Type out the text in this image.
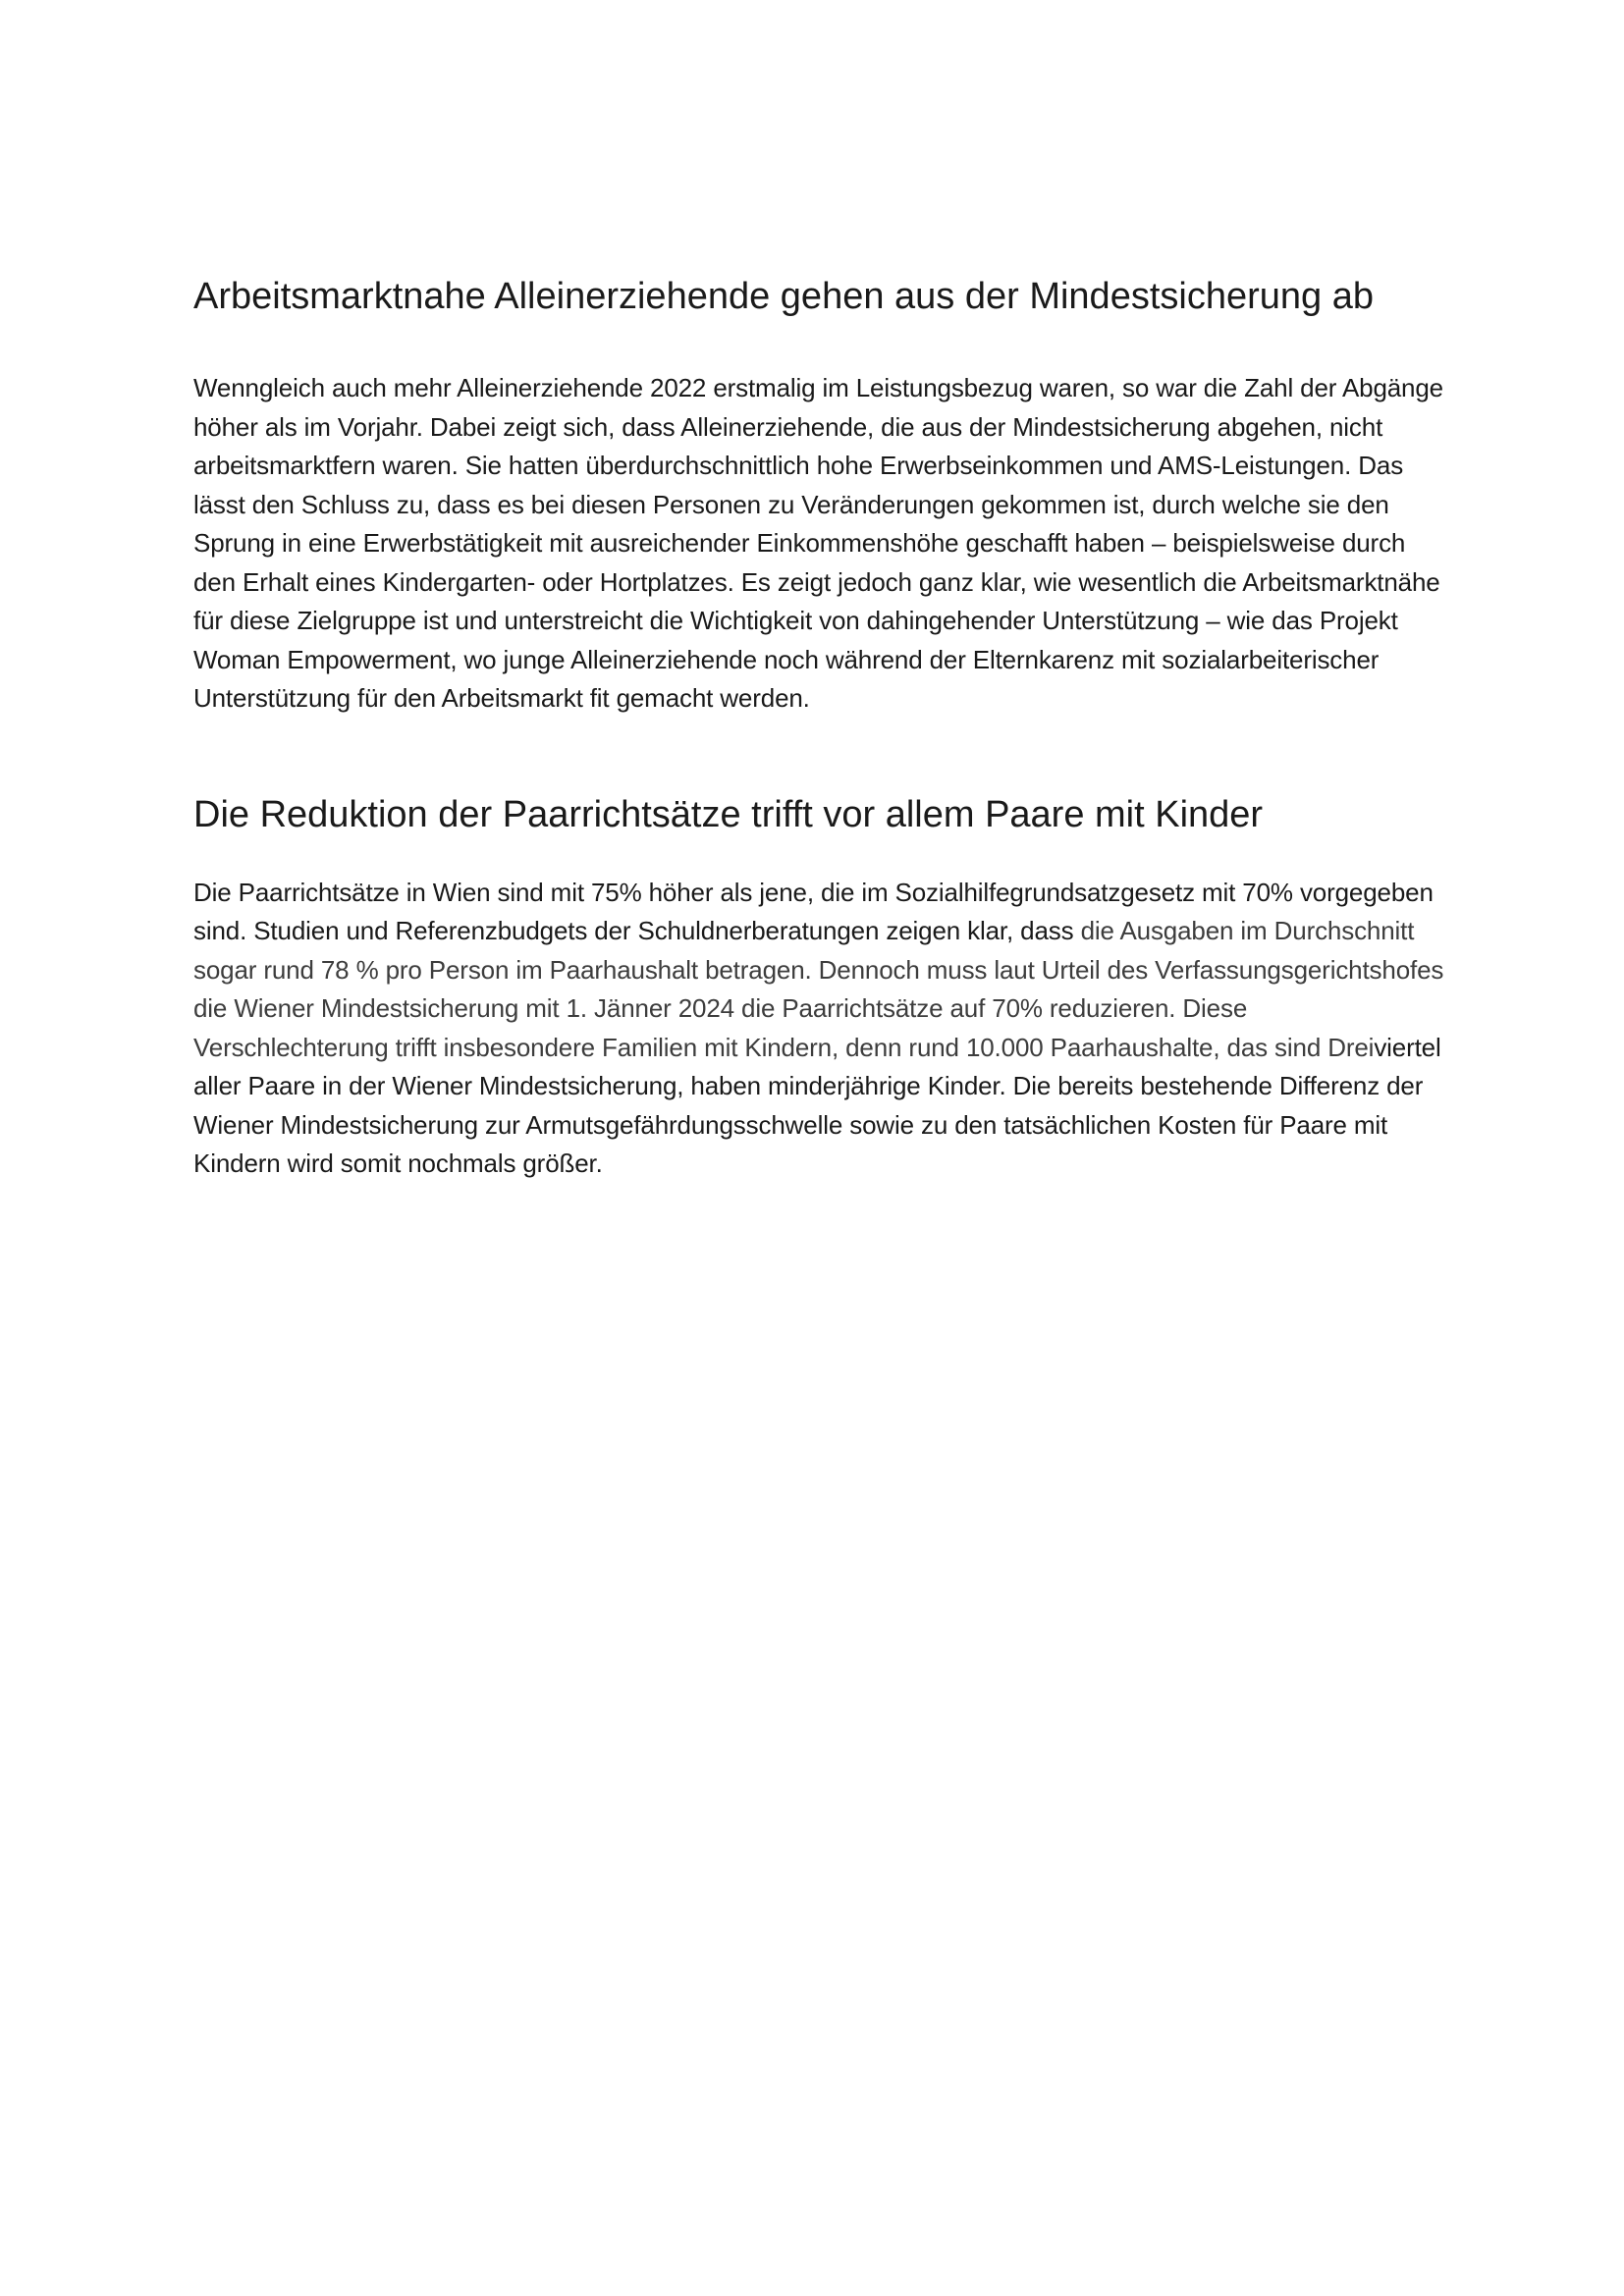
Arbeitsmarktnahe Alleinerziehende gehen aus der Mindestsicherung ab

Wenngleich auch mehr Alleinerziehende 2022 erstmalig im Leistungsbezug waren, so war die Zahl der Abgänge höher als im Vorjahr. Dabei zeigt sich, dass Alleinerziehende, die aus der Mindestsicherung abgehen, nicht arbeitsmarktfern waren. Sie hatten überdurchschnittlich hohe Erwerbseinkommen und AMS-Leistungen. Das lässt den Schluss zu, dass es bei diesen Personen zu Veränderungen gekommen ist, durch welche sie den Sprung in eine Erwerbstätigkeit mit ausreichender Einkommenshöhe geschafft haben – beispielsweise durch den Erhalt eines Kindergarten- oder Hortplatzes. Es zeigt jedoch ganz klar, wie wesentlich die Arbeitsmarktnähe für diese Zielgruppe ist und unterstreicht die Wichtigkeit von dahingehender Unterstützung – wie das Projekt Woman Empowerment, wo junge Alleinerziehende noch während der Elternkarenz mit sozialarbeiterischer Unterstützung für den Arbeitsmarkt fit gemacht werden.

Die Reduktion der Paarrichtsätze trifft vor allem Paare mit Kinder

Die Paarrichtsätze in Wien sind mit 75% höher als jene, die im Sozialhilfegrundsatzgesetz mit 70% vorgegeben sind. Studien und Referenzbudgets der Schuldnerberatungen zeigen klar, dass die Ausgaben im Durchschnitt sogar rund 78 % pro Person im Paarhaushalt betragen. Dennoch muss laut Urteil des Verfassungsgerichtshofes die Wiener Mindestsicherung mit 1. Jänner 2024 die Paarrichtsätze auf 70% reduzieren. Diese Verschlechterung trifft insbesondere Familien mit Kindern, denn rund 10.000 Paarhaushalte, das sind Dreiviertel aller Paare in der Wiener Mindestsicherung, haben minderjährige Kinder. Die bereits bestehende Differenz der Wiener Mindestsicherung zur Armutsgefährdungsschwelle sowie zu den tatsächlichen Kosten für Paare mit Kindern wird somit nochmals größer.
